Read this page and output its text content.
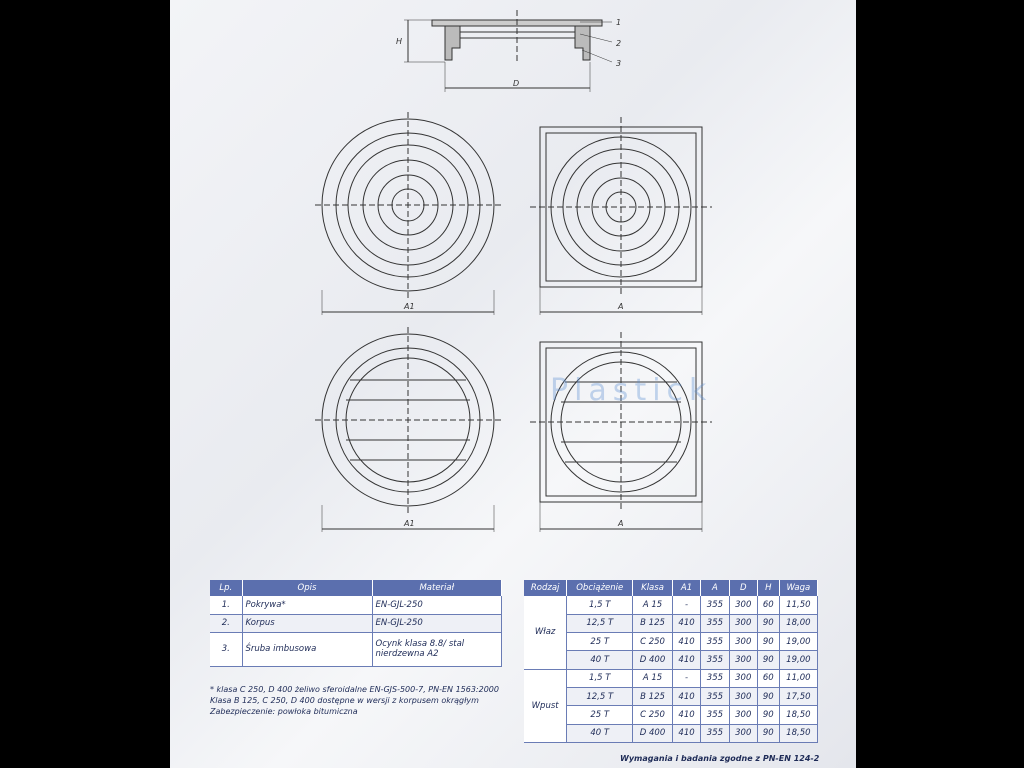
1
2
3
H
D
A1	A
A1	A
Plastick
Lp.	Opis	Materiał
1.	Pokrywa*	EN-GJL-250
2.	Korpus	EN-GJL-250
3.	Śruba imbusowa	Ocynk klasa 8.8/ stal nierdzewna A2
Rodzaj	Obciążenie	Klasa	A1	A	D	H	Waga
Właz	1,5 T	A 15	-	355	300	60	11,50
	12,5 T	B 125	410	355	300	90	18,00
	25 T	C 250	410	355	300	90	19,00
	40 T	D 400	410	355	300	90	19,00
Wpust	1,5 T	A 15	-	355	300	60	11,00
	12,5 T	B 125	410	355	300	90	17,50
	25 T	C 250	410	355	300	90	18,50
	40 T	D 400	410	355	300	90	18,50
* klasa C 250, D 400 żeliwo sferoidalne EN-GJS-500-7, PN-EN 1563:2000
Klasa B 125, C 250, D 400 dostępne w wersji z korpusem okrągłym
Zabezpieczenie: powłoka bitumiczna
Wymagania i badania zgodne z PN-EN 124-2
